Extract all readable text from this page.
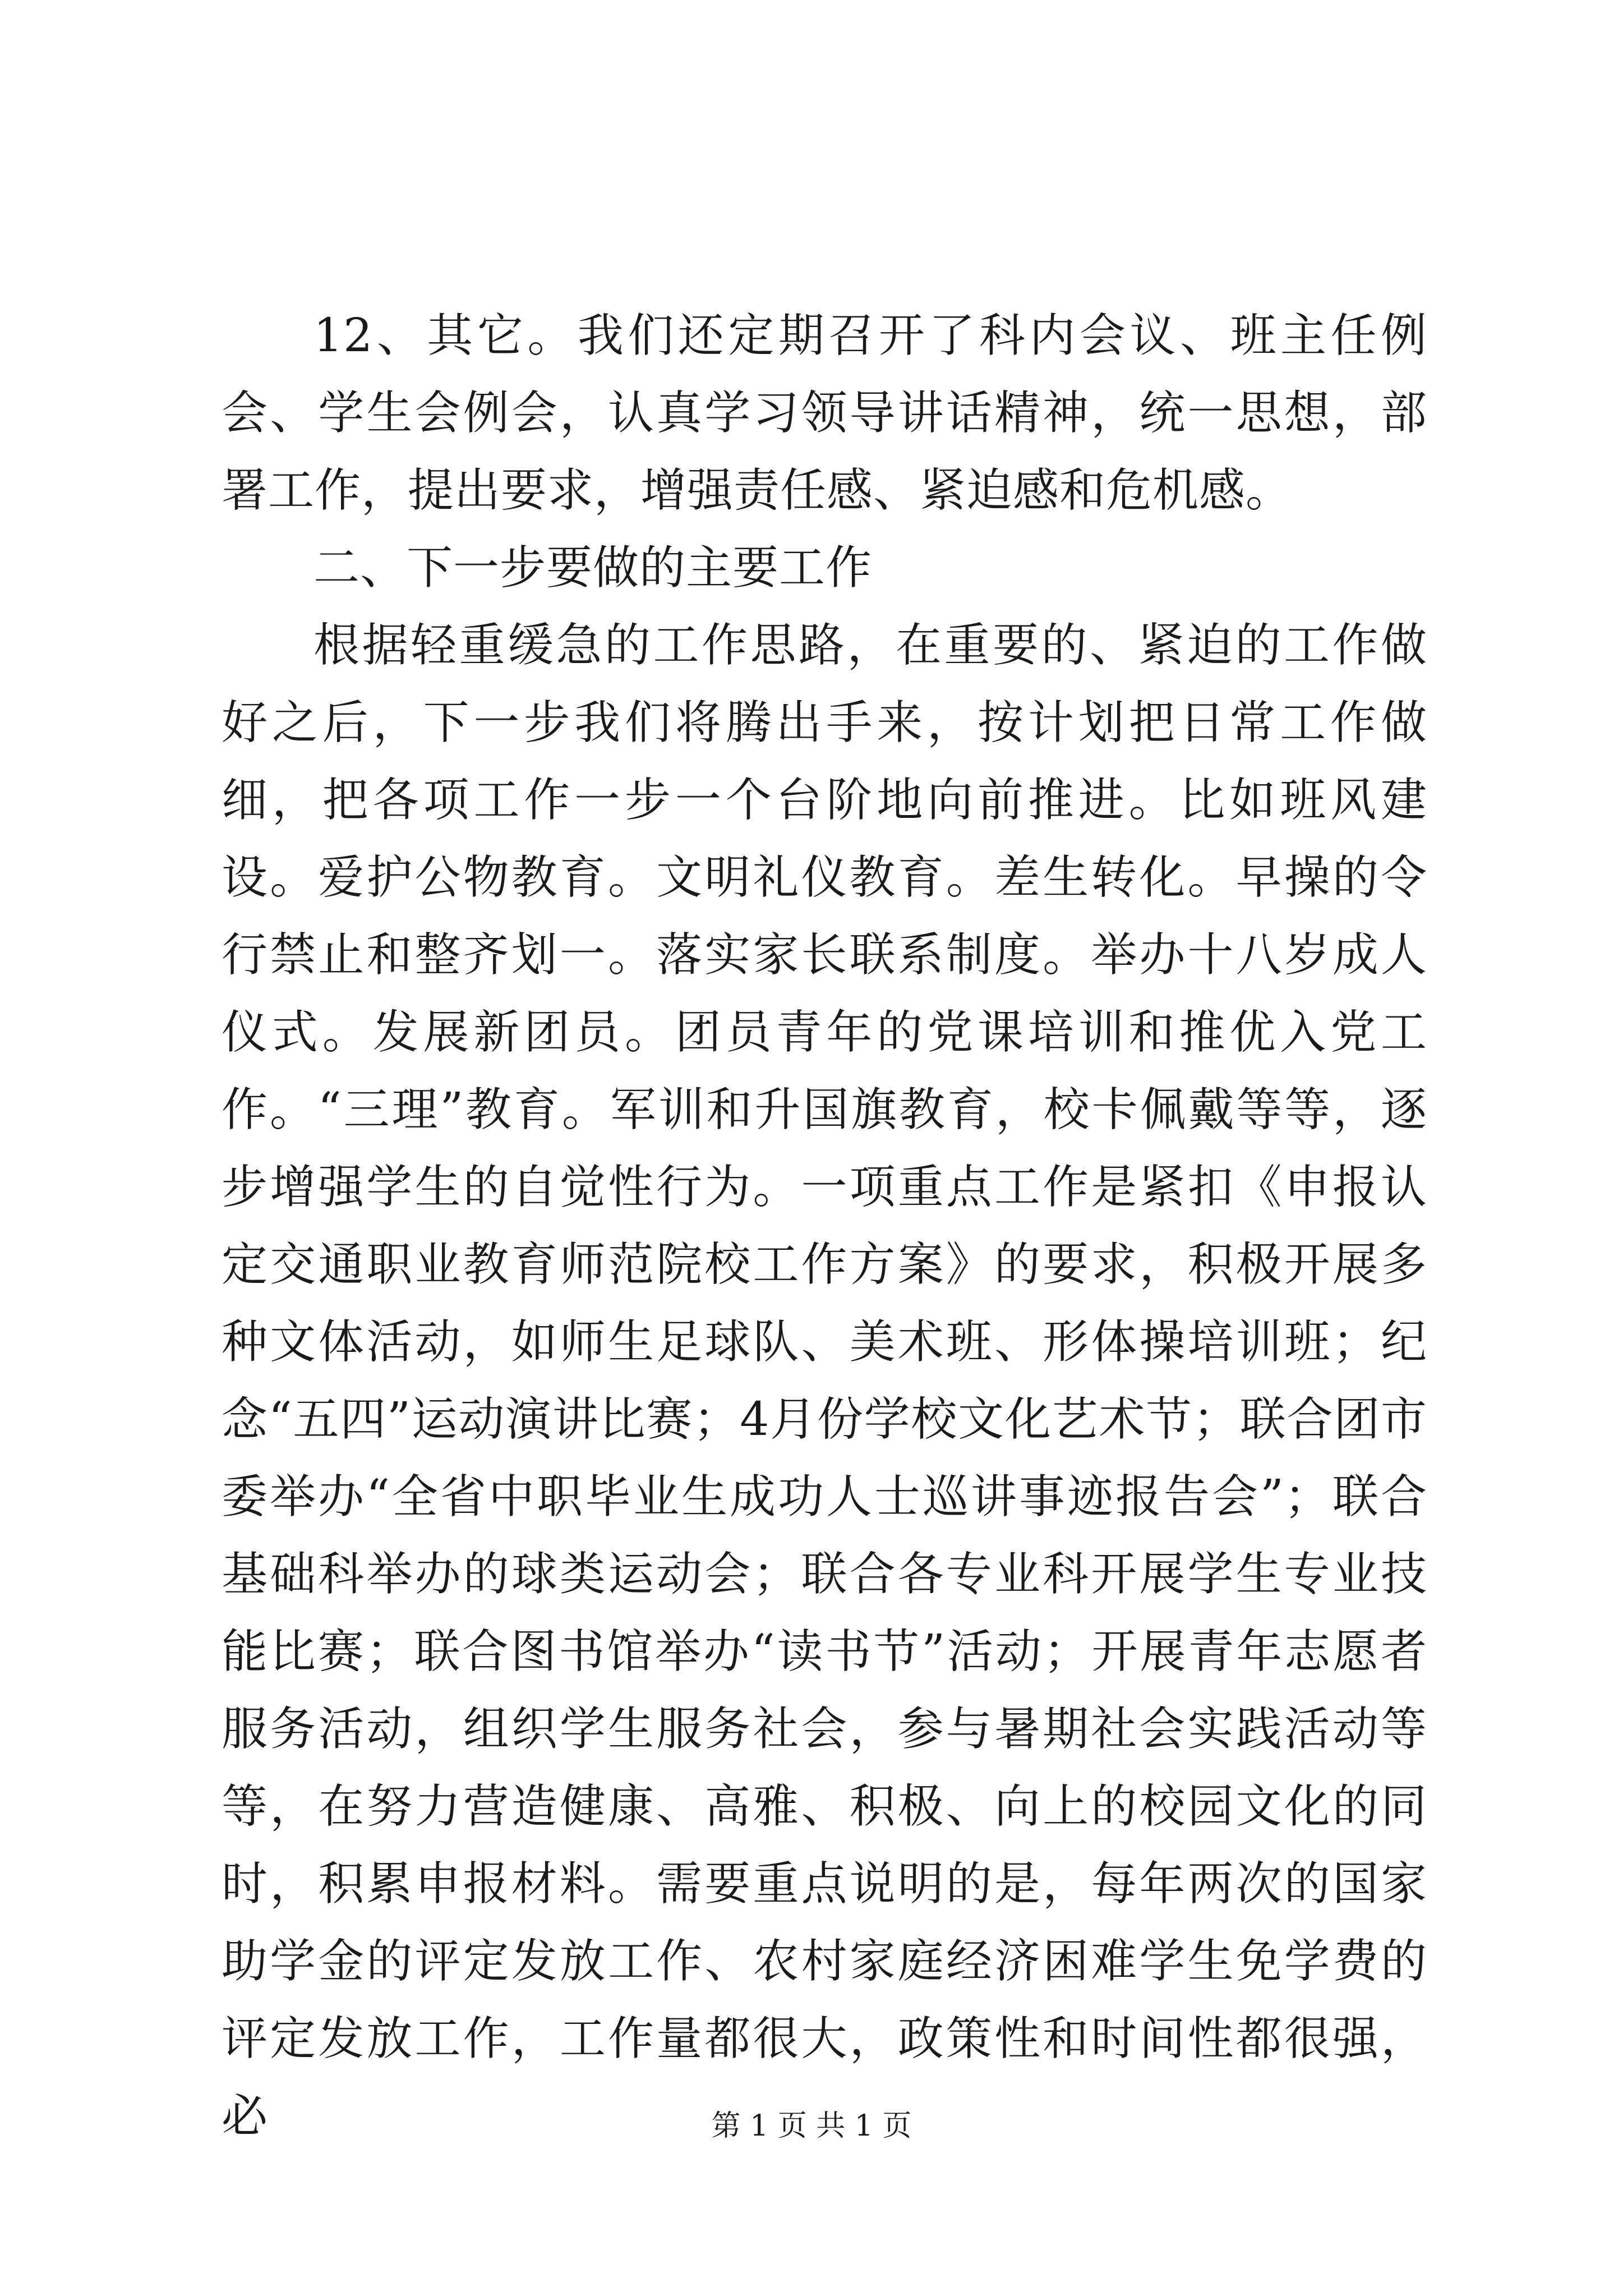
12、其它。我们还定期召开了科内会议、班主任例会、学生会例会，认真学习领导讲话精神，统一思想，部署工作，提出要求，增强责任感、紧迫感和危机感。

二、下一步要做的主要工作

根据轻重缓急的工作思路，在重要的、紧迫的工作做好之后，下一步我们将腾出手来，按计划把日常工作做细，把各项工作一步一个台阶地向前推进。比如班风建设。爱护公物教育。文明礼仪教育。差生转化。早操的令行禁止和整齐划一。落实家长联系制度。举办十八岁成人仪式。发展新团员。团员青年的党课培训和推优入党工作。“三理”教育。军训和升国旗教育，校卡佩戴等等，逐步增强学生的自觉性行为。一项重点工作是紧扣《申报认定交通职业教育师范院校工作方案》的要求，积极开展多种文体活动，如师生足球队、美术班、形体操培训班；纪念“五四”运动演讲比赛；4月份学校文化艺术节；联合团市委举办“全省中职毕业生成功人士巡讲事迹报告会”；联合基础科举办的球类运动会；联合各专业科开展学生专业技能比赛；联合图书馆举办“读书节”活动；开展青年志愿者服务活动，组织学生服务社会，参与暑期社会实践活动等等，在努力营造健康、高雅、积极、向上的校园文化的同时，积累申报材料。需要重点说明的是，每年两次的国家助学金的评定发放工作、农村家庭经济困难学生免学费的评定发放工作，工作量都很大，政策性和时间性都很强，必	第 1 页 共 1 页
